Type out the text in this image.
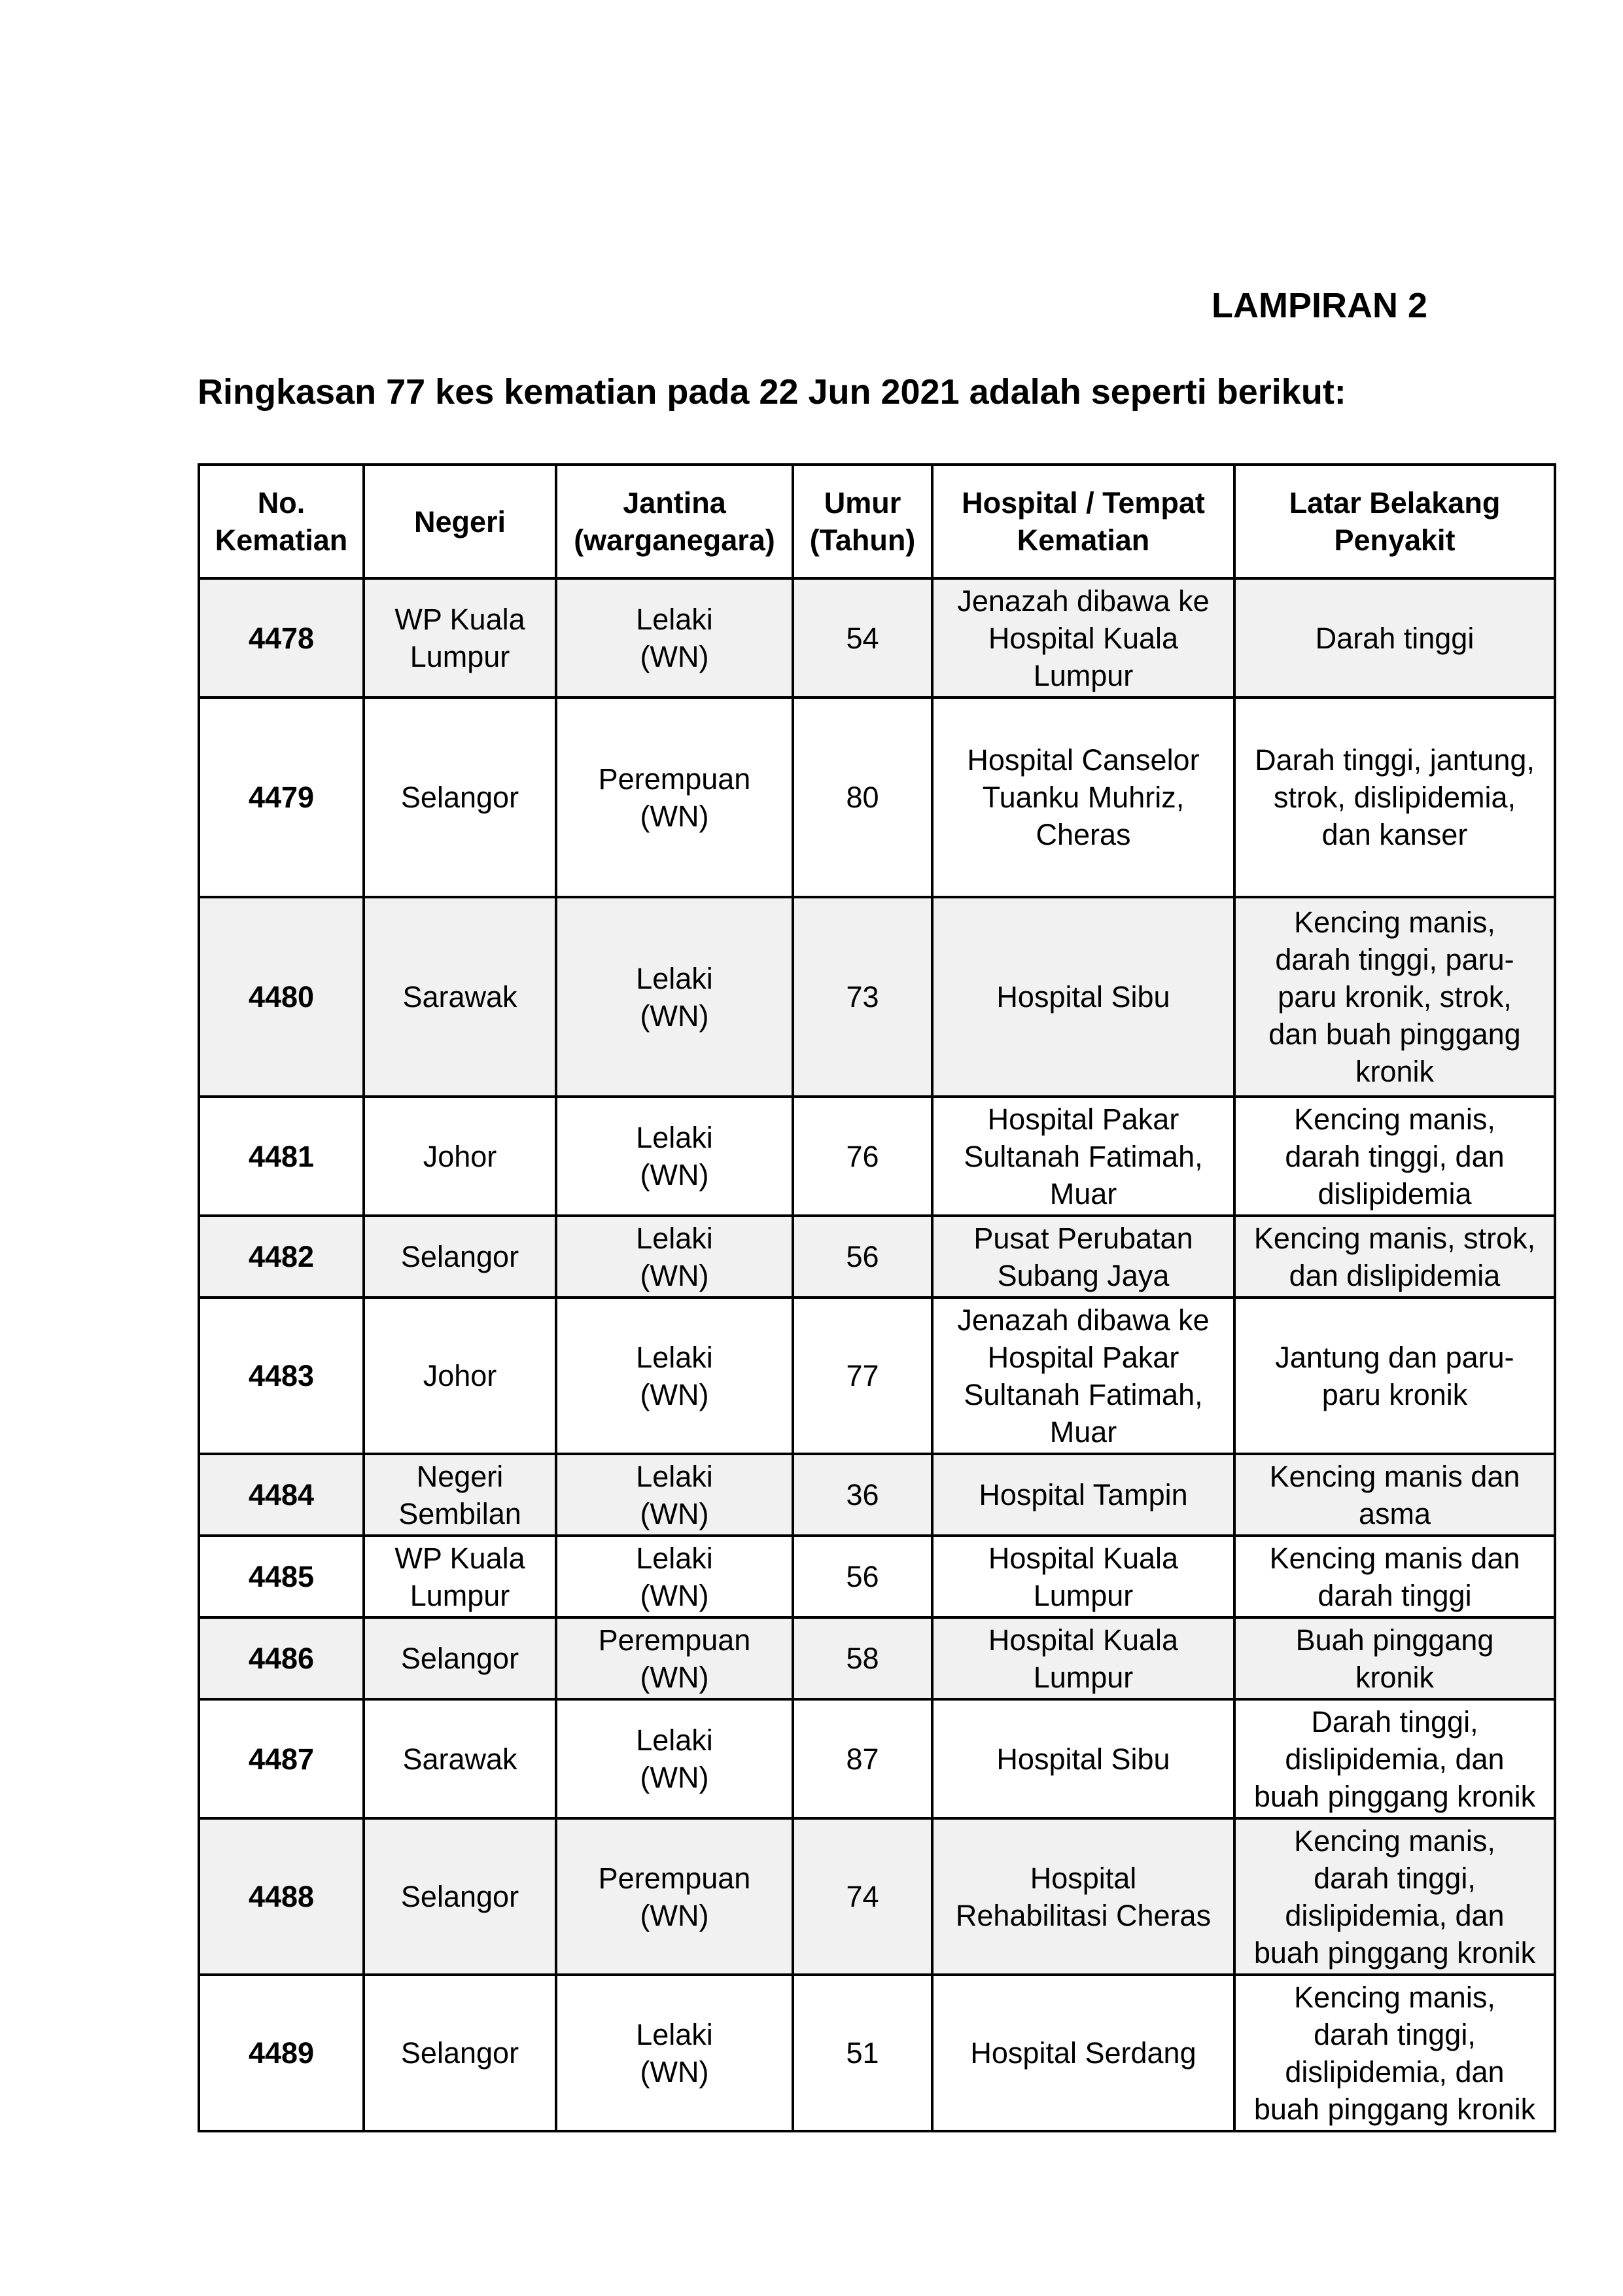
LAMPIRAN 2
Ringkasan 77 kes kematian pada 22 Jun 2021 adalah seperti berikut:
No.
Kematian	Negeri	Jantina
(warganegara)	Umur
(Tahun)	Hospital / Tempat
Kematian	Latar Belakang
Penyakit

4478	WP Kuala
Lumpur	Lelaki
(WN)	54	Jenazah dibawa ke
Hospital Kuala
Lumpur	Darah tinggi

4479	Selangor	Perempuan
(WN)	80	Hospital Canselor
Tuanku Muhriz,
Cheras	Darah tinggi, jantung,
strok, dislipidemia,
dan kanser

4480	Sarawak	Lelaki
(WN)	73	Hospital Sibu	Kencing manis,
darah tinggi, paru-
paru kronik, strok,
dan buah pinggang
kronik

4481	Johor	Lelaki
(WN)	76	Hospital Pakar
Sultanah Fatimah,
Muar	Kencing manis,
darah tinggi, dan
dislipidemia

4482	Selangor	Lelaki
(WN)	56	Pusat Perubatan
Subang Jaya	Kencing manis, strok,
dan dislipidemia

4483	Johor	Lelaki
(WN)	77	Jenazah dibawa ke
Hospital Pakar
Sultanah Fatimah,
Muar	Jantung dan paru-
paru kronik

4484	Negeri
Sembilan	Lelaki
(WN)	36	Hospital Tampin	Kencing manis dan
asma

4485	WP Kuala
Lumpur	Lelaki
(WN)	56	Hospital Kuala
Lumpur	Kencing manis dan
darah tinggi

4486	Selangor	Perempuan
(WN)	58	Hospital Kuala
Lumpur	Buah pinggang
kronik

4487	Sarawak	Lelaki
(WN)	87	Hospital Sibu	Darah tinggi,
dislipidemia, dan
buah pinggang kronik

4488	Selangor	Perempuan
(WN)	74	Hospital
Rehabilitasi Cheras	Kencing manis,
darah tinggi,
dislipidemia, dan
buah pinggang kronik

4489	Selangor	Lelaki
(WN)	51	Hospital Serdang	Kencing manis,
darah tinggi,
dislipidemia, dan
buah pinggang kronik
